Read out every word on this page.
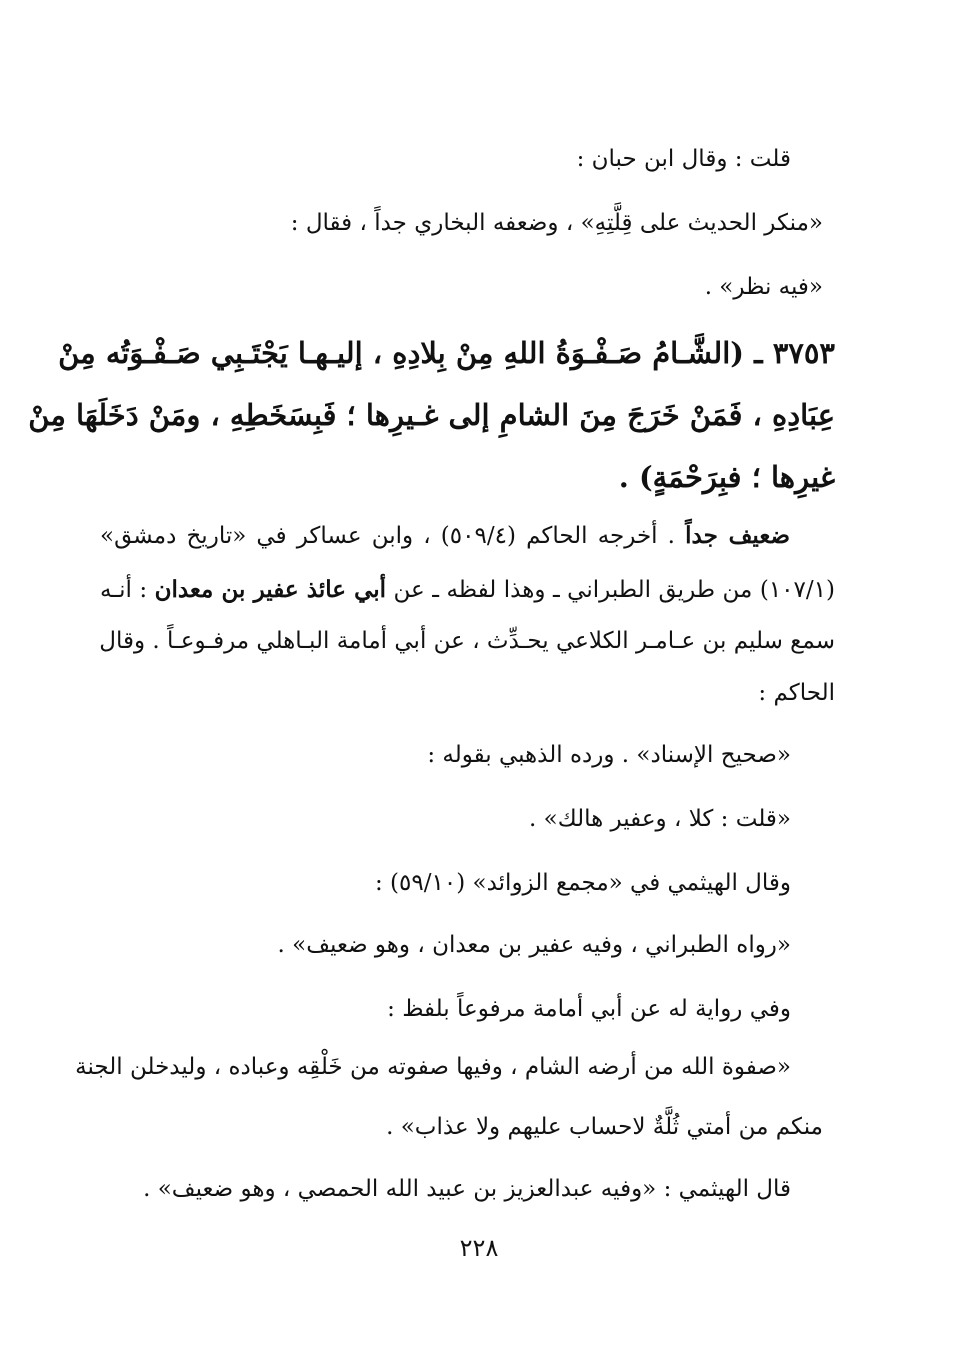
قلت : وقال ابن حبان :
«منكر الحديث على قِلَّتِهِ» ، وضعفه البخاري جداً ، فقال :
«فيه نظر» .
٣٧٥٣ ـ (الشَّـامُ صَـفْـوَةُ اللهِ مِنْ بِلادِهِ ، إليـهـا يَجْتَـبِي صَـفْـوَتُه مِنْ
عِبَادِهِ ، فَمَنْ خَرَجَ مِنَ الشامِ إلى غـيرِها ؛ فَبِسَخَطِهِ ، ومَنْ دَخَلَهَا مِنْ
غيرِها ؛ فبِرَحْمَةٍ) .
ضعيف جداً . أخرجه الحاكم (٥٠٩/٤) ، وابن عساكر في «تاريخ دمشق»
(١٠٧/١) من طريق الطبراني ـ وهذا لفظه ـ عن أبي عائذ عفير بن معدان : أنـه
سمع سليم بن عـامـر الكلاعي يحـدِّث ، عن أبي أمامة البـاهلي مرفـوعـاً . وقال
الحاكم :
«صحيح الإسناد» . ورده الذهبي بقوله :
«قلت : كلا ، وعفير هالك» .
وقال الهيثمي في «مجمع الزوائد» (٥٩/١٠) :
«رواه الطبراني ، وفيه عفير بن معدان ، وهو ضعيف» .
وفي رواية له عن أبي أمامة مرفوعاً بلفظ :
«صفوة الله من أرضه الشام ، وفيها صفوته من خَلْقِه وعباده ، وليدخلن الجنة
منكم من أمتي ثُلَّةٌ لاحساب عليهم ولا عذاب» .
قال الهيثمي : «وفيه عبدالعزيز بن عبيد الله الحمصي ، وهو ضعيف» .
٢٢٨
